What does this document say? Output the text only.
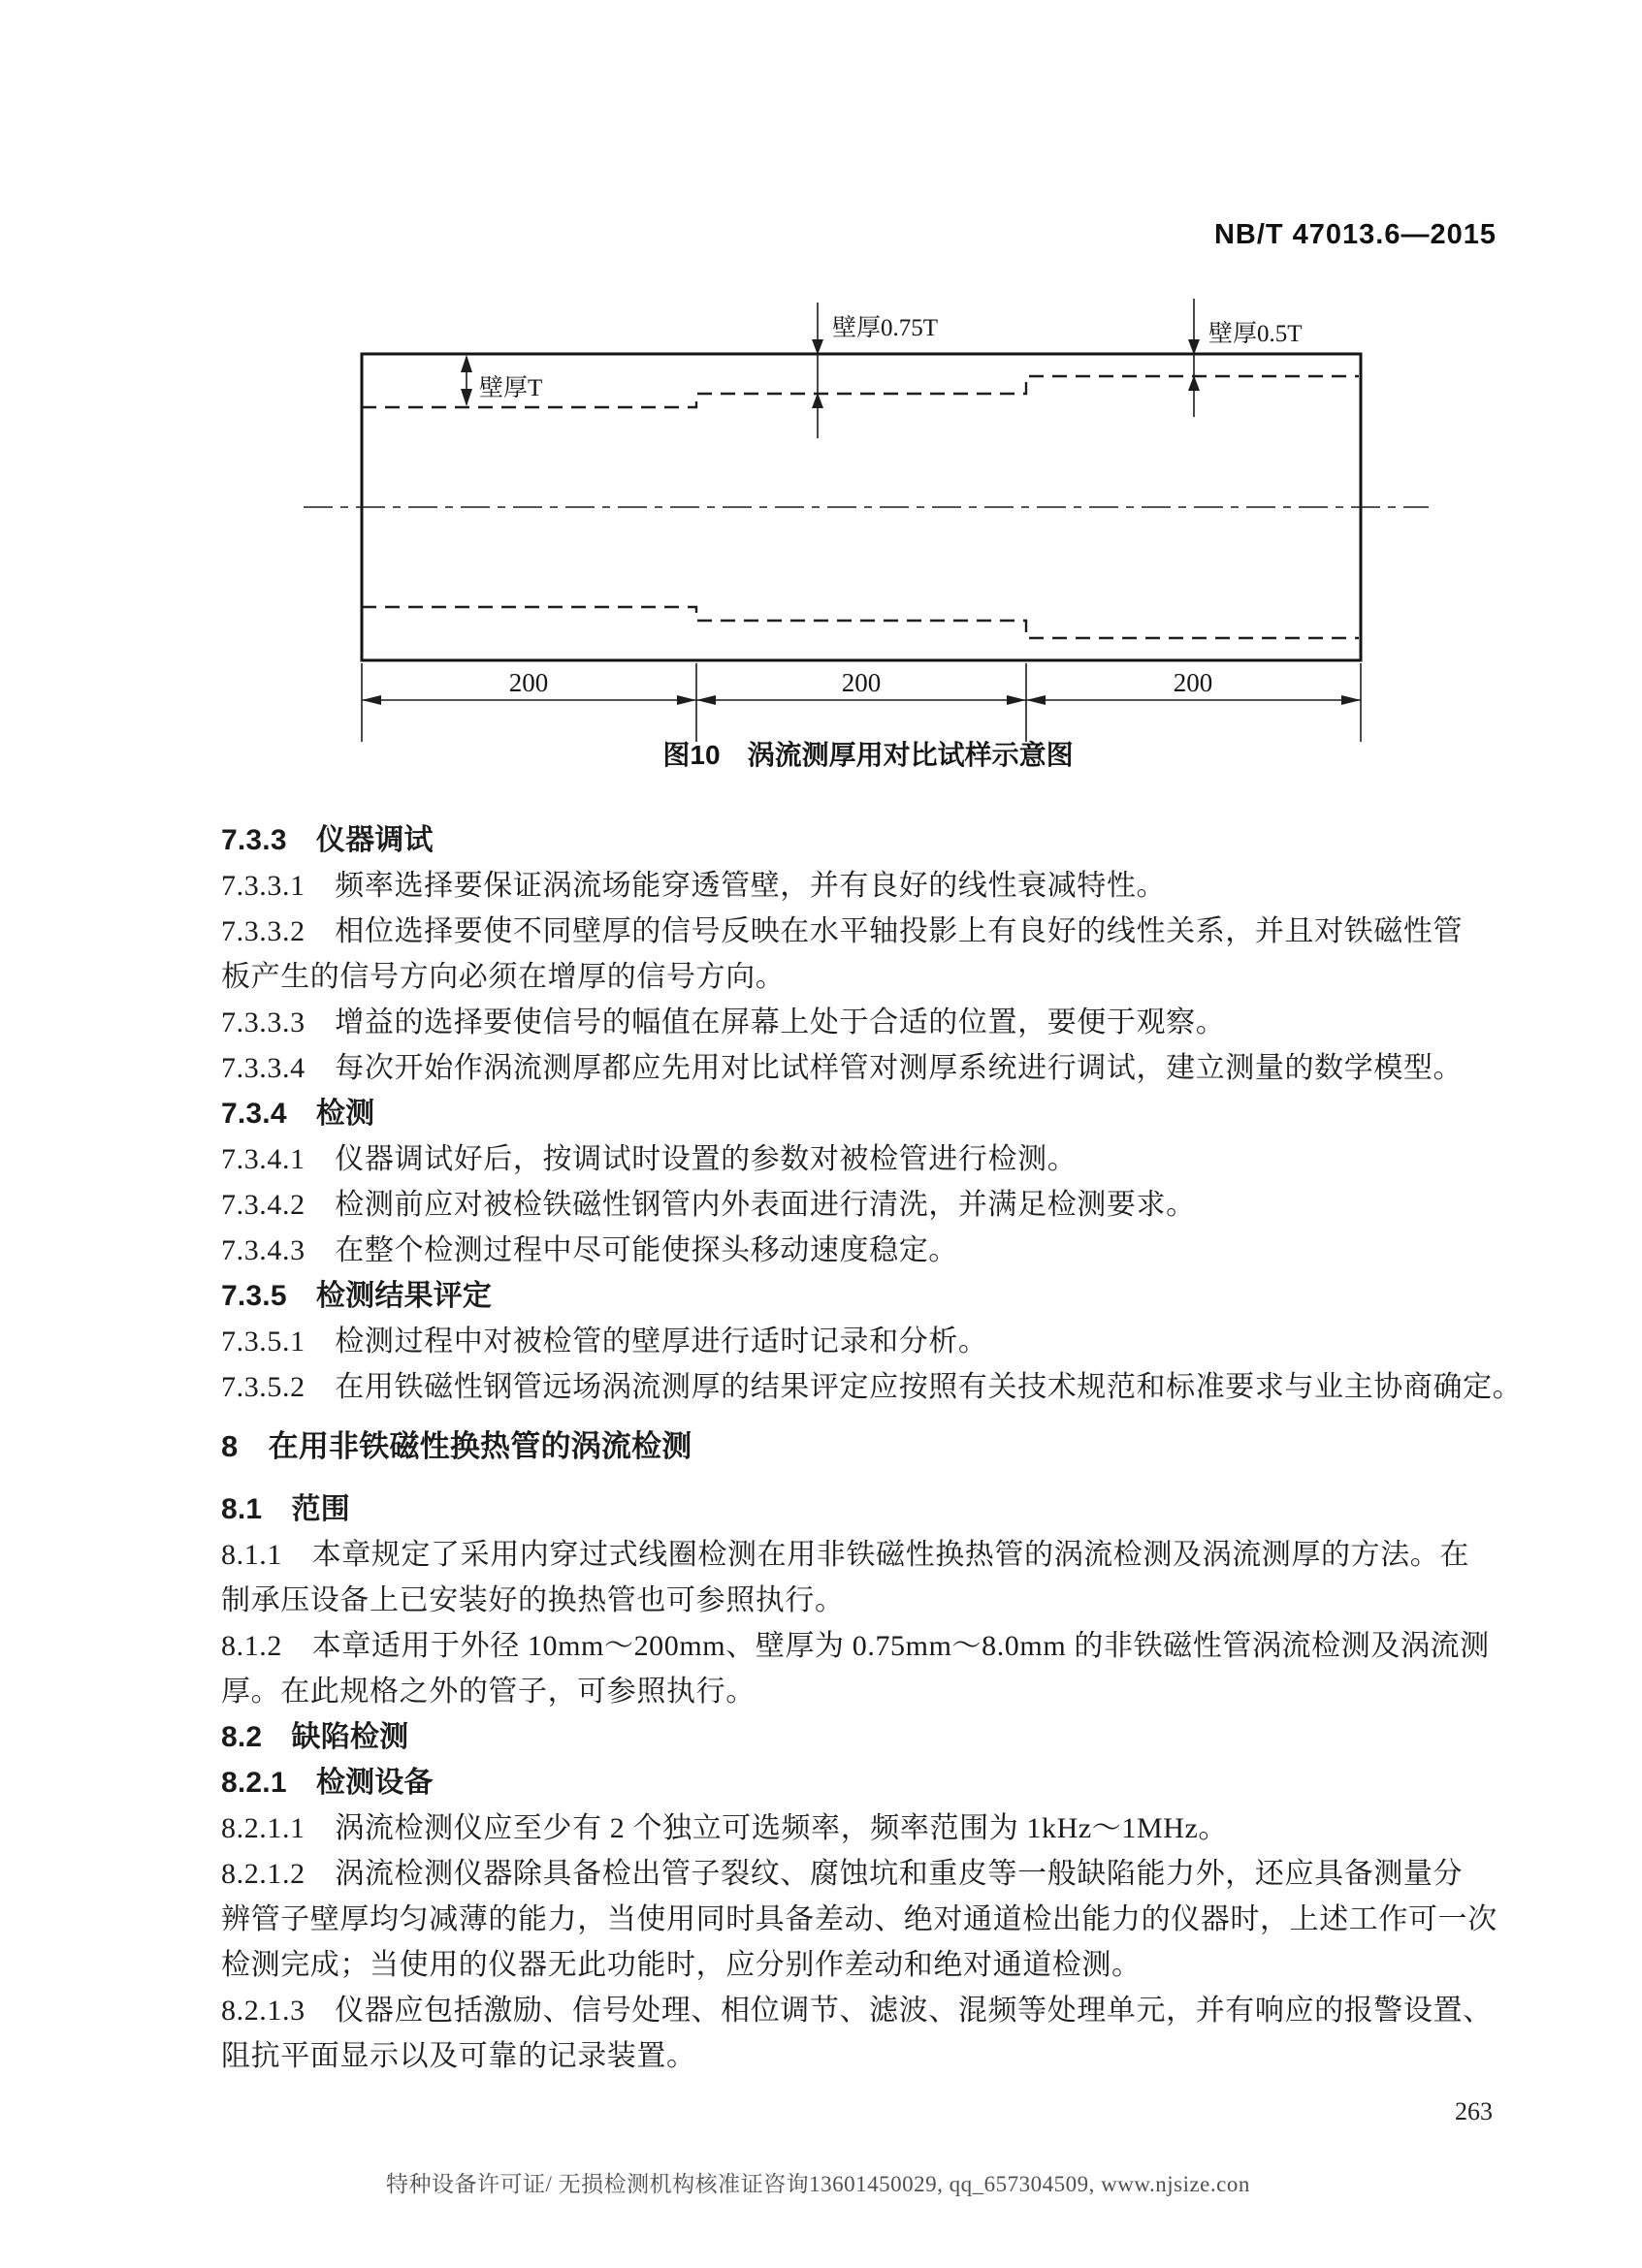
NB/T 47013.6—2015
壁厚T
壁厚0.75T	壁厚0.5T
200	200	200
图10　涡流测厚用对比试样示意图
7.3.3　仪器调试
7.3.3.1　频率选择要保证涡流场能穿透管壁，并有良好的线性衰减特性。
7.3.3.2　相位选择要使不同壁厚的信号反映在水平轴投影上有良好的线性关系，并且对铁磁性管
板产生的信号方向必须在增厚的信号方向。
7.3.3.3　增益的选择要使信号的幅值在屏幕上处于合适的位置，要便于观察。
7.3.3.4　每次开始作涡流测厚都应先用对比试样管对测厚系统进行调试，建立测量的数学模型。
7.3.4　检测
7.3.4.1　仪器调试好后，按调试时设置的参数对被检管进行检测。
7.3.4.2　检测前应对被检铁磁性钢管内外表面进行清洗，并满足检测要求。
7.3.4.3　在整个检测过程中尽可能使探头移动速度稳定。
7.3.5　检测结果评定
7.3.5.1　检测过程中对被检管的壁厚进行适时记录和分析。
7.3.5.2　在用铁磁性钢管远场涡流测厚的结果评定应按照有关技术规范和标准要求与业主协商确定。
8　在用非铁磁性换热管的涡流检测
8.1　范围
8.1.1　本章规定了采用内穿过式线圈检测在用非铁磁性换热管的涡流检测及涡流测厚的方法。在
制承压设备上已安装好的换热管也可参照执行。
8.1.2　本章适用于外径 10mm～200mm、壁厚为 0.75mm～8.0mm 的非铁磁性管涡流检测及涡流测
厚。在此规格之外的管子，可参照执行。
8.2　缺陷检测
8.2.1　检测设备
8.2.1.1　涡流检测仪应至少有 2 个独立可选频率，频率范围为 1kHz～1MHz。
8.2.1.2　涡流检测仪器除具备检出管子裂纹、腐蚀坑和重皮等一般缺陷能力外，还应具备测量分
辨管子壁厚均匀减薄的能力，当使用同时具备差动、绝对通道检出能力的仪器时，上述工作可一次
检测完成；当使用的仪器无此功能时，应分别作差动和绝对通道检测。
8.2.1.3　仪器应包括激励、信号处理、相位调节、滤波、混频等处理单元，并有响应的报警设置、
阻抗平面显示以及可靠的记录装置。
263
特种设备许可证/ 无损检测机构核准证咨询13601450029, qq_657304509, www.njsize.con
